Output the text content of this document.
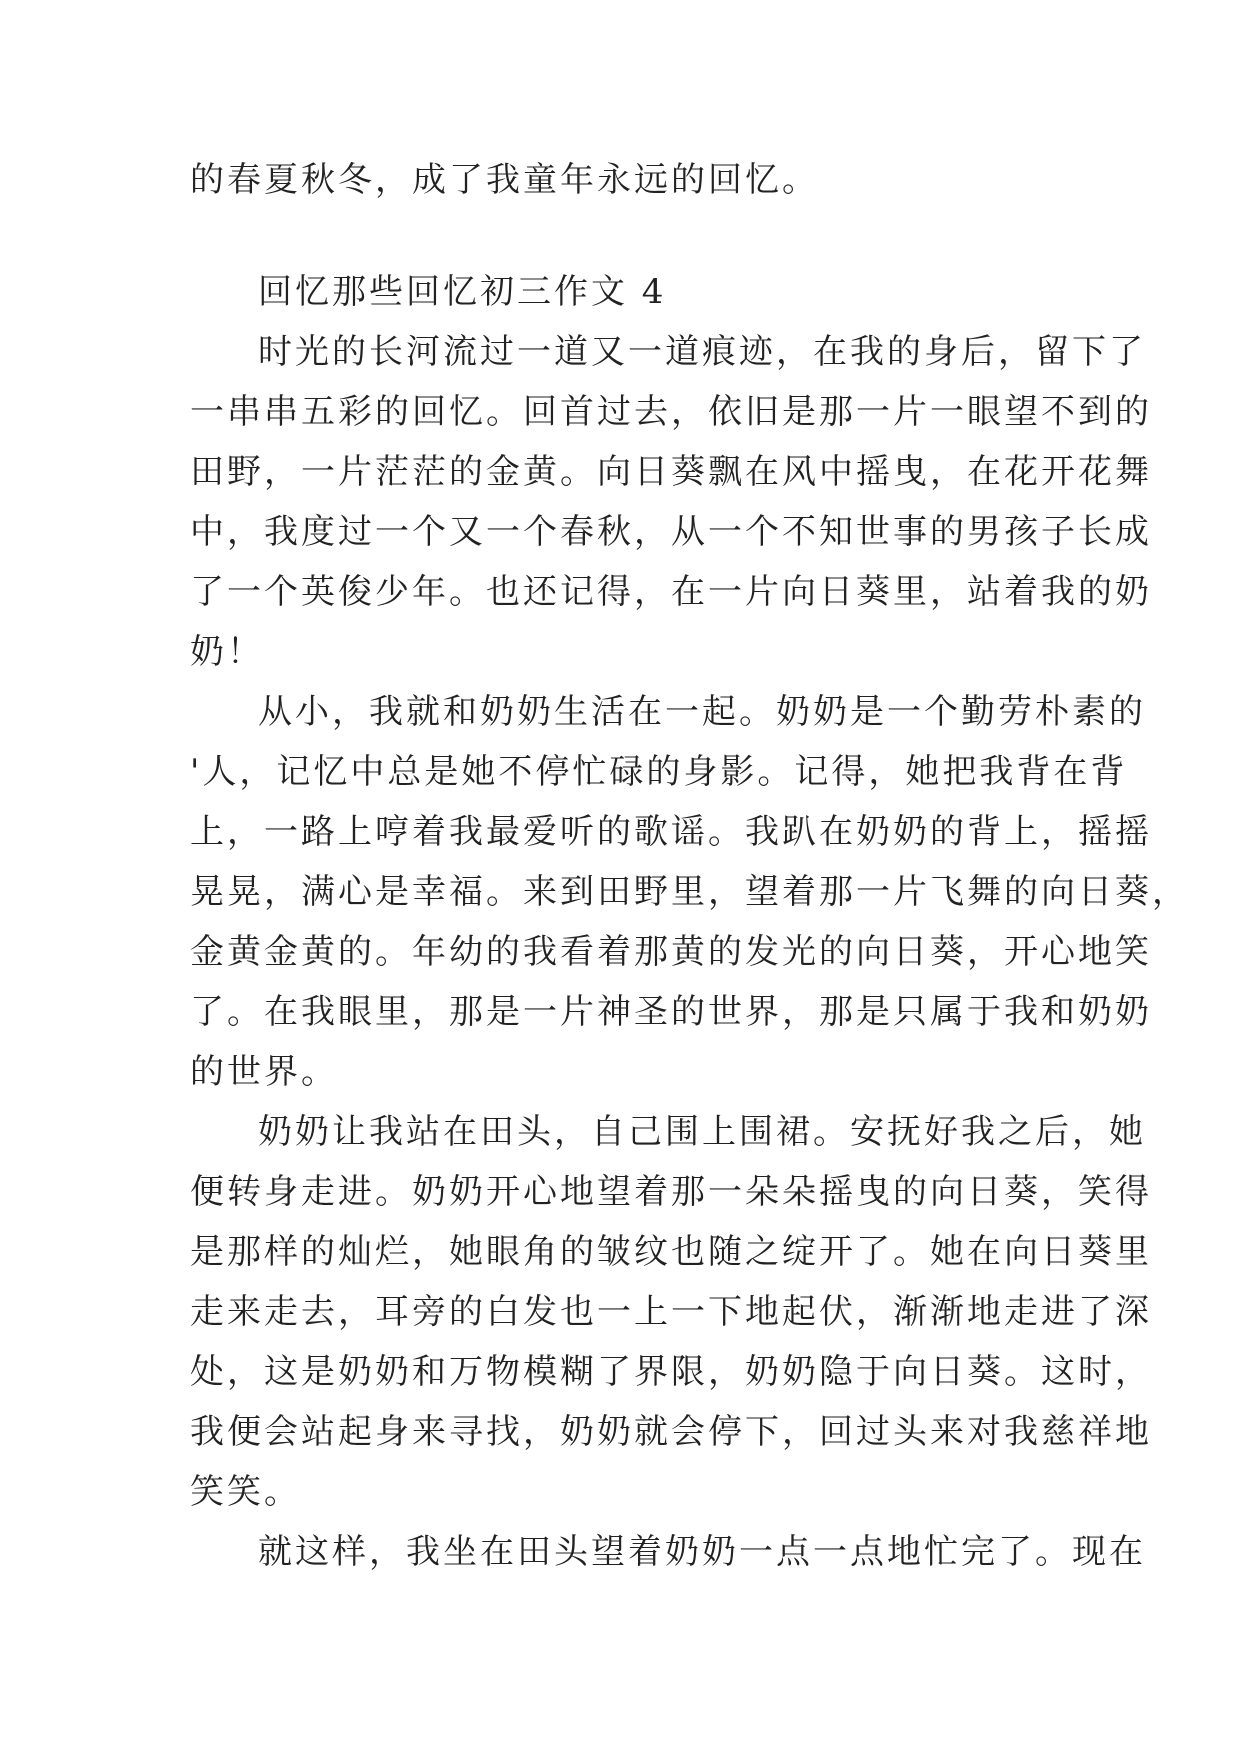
的春夏秋冬，成了我童年永远的回忆。

回忆那些回忆初三作文 4

时光的长河流过一道又一道痕迹，在我的身后，留下了
一串串五彩的回忆。回首过去，依旧是那一片一眼望不到的
田野，一片茫茫的金黄。向日葵飘在风中摇曳，在花开花舞
中，我度过一个又一个春秋，从一个不知世事的男孩子长成
了一个英俊少年。也还记得，在一片向日葵里，站着我的奶
奶！
从小，我就和奶奶生活在一起。奶奶是一个勤劳朴素的
'人，记忆中总是她不停忙碌的身影。记得，她把我背在背
上，一路上哼着我最爱听的歌谣。我趴在奶奶的背上，摇摇
晃晃，满心是幸福。来到田野里，望着那一片飞舞的向日葵，
金黄金黄的。年幼的我看着那黄的发光的向日葵，开心地笑
了。在我眼里，那是一片神圣的世界，那是只属于我和奶奶
的世界。
奶奶让我站在田头，自己围上围裙。安抚好我之后，她
便转身走进。奶奶开心地望着那一朵朵摇曳的向日葵，笑得
是那样的灿烂，她眼角的皱纹也随之绽开了。她在向日葵里
走来走去，耳旁的白发也一上一下地起伏，渐渐地走进了深
处，这是奶奶和万物模糊了界限，奶奶隐于向日葵。这时，
我便会站起身来寻找，奶奶就会停下，回过头来对我慈祥地
笑笑。
就这样，我坐在田头望着奶奶一点一点地忙完了。现在
